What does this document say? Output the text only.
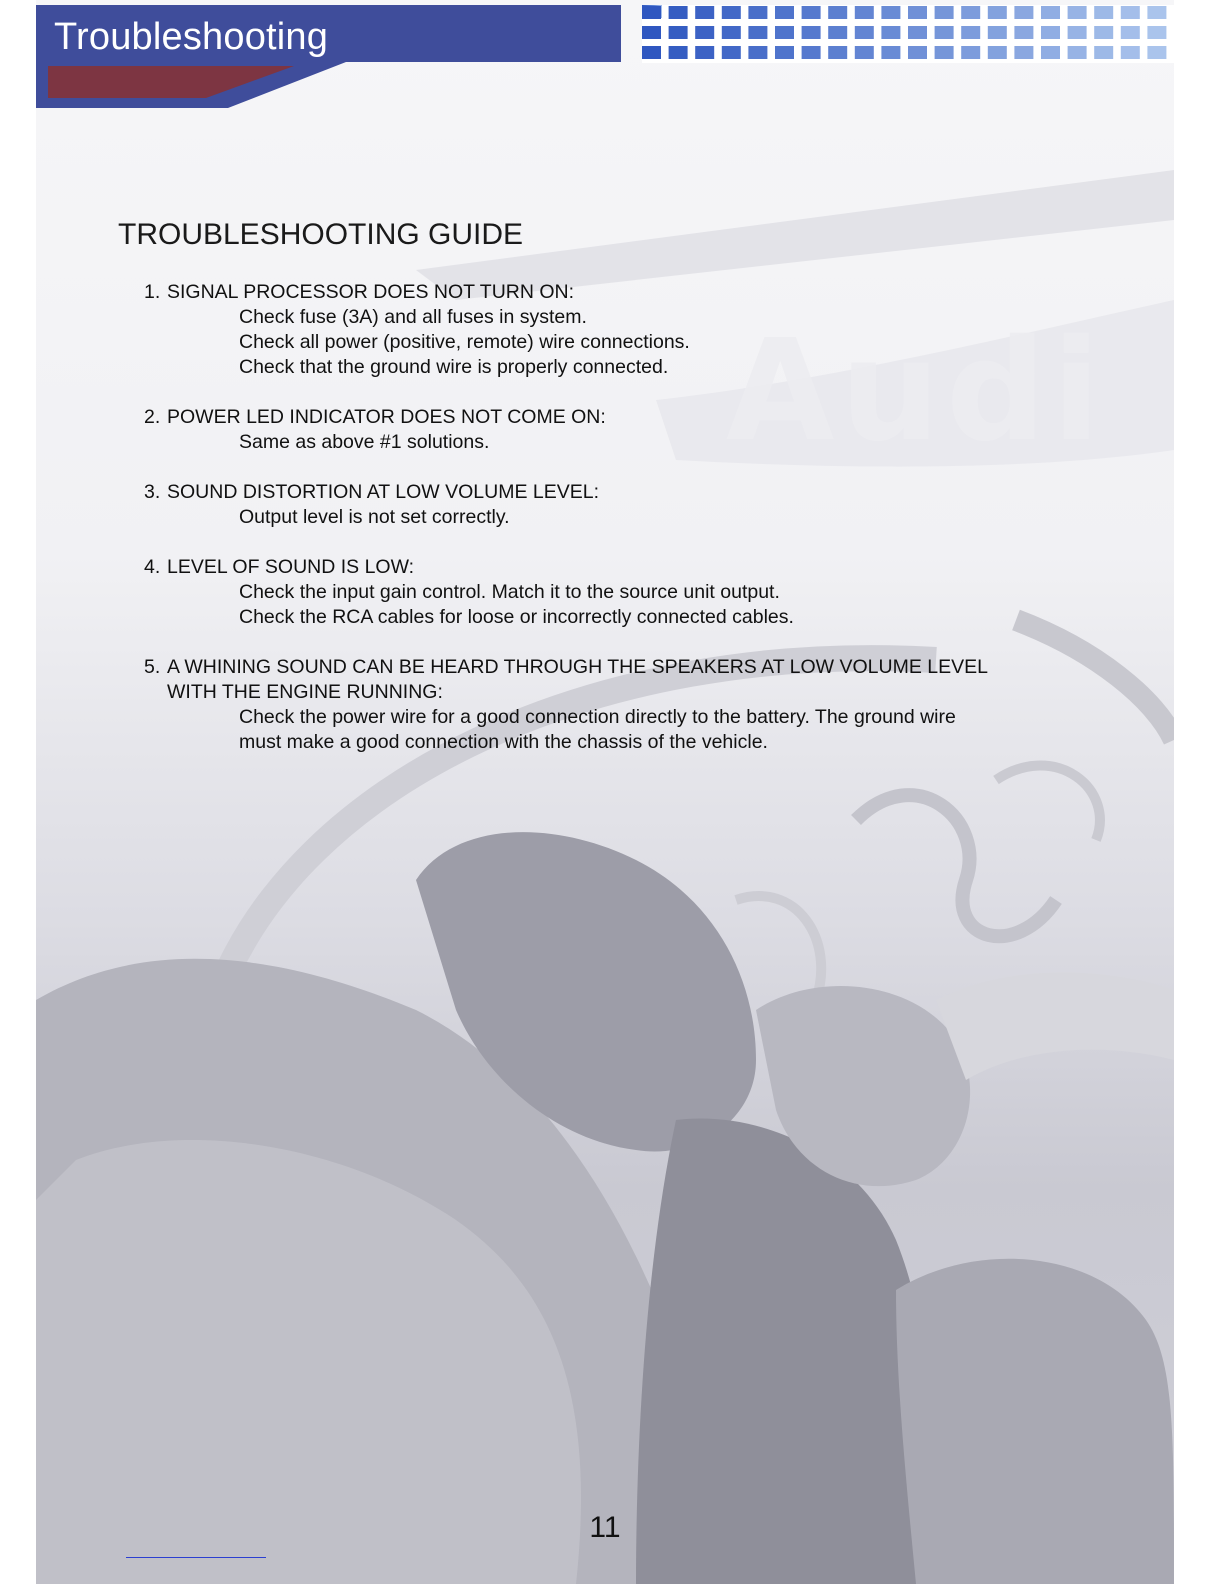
Audi
Troubleshooting
TROUBLESHOOTING GUIDE
1. SIGNAL PROCESSOR DOES NOT TURN ON:
Check fuse (3A) and all fuses in system.
Check all power (positive, remote) wire connections.
Check that the ground wire is properly connected.
2. POWER LED INDICATOR DOES NOT COME ON:
Same as above #1 solutions.
3. SOUND DISTORTION AT LOW VOLUME LEVEL:
Output level is not set correctly.
4. LEVEL OF SOUND IS LOW:
Check the input gain control. Match it to the source unit output.
Check the RCA cables for loose or incorrectly connected cables.
5. A WHINING SOUND CAN BE HEARD THROUGH THE SPEAKERS AT LOW VOLUME LEVEL
WITH THE ENGINE RUNNING:
Check the power wire for a good connection directly to the battery. The ground wire
must make a good connection with the chassis of the vehicle.
11
